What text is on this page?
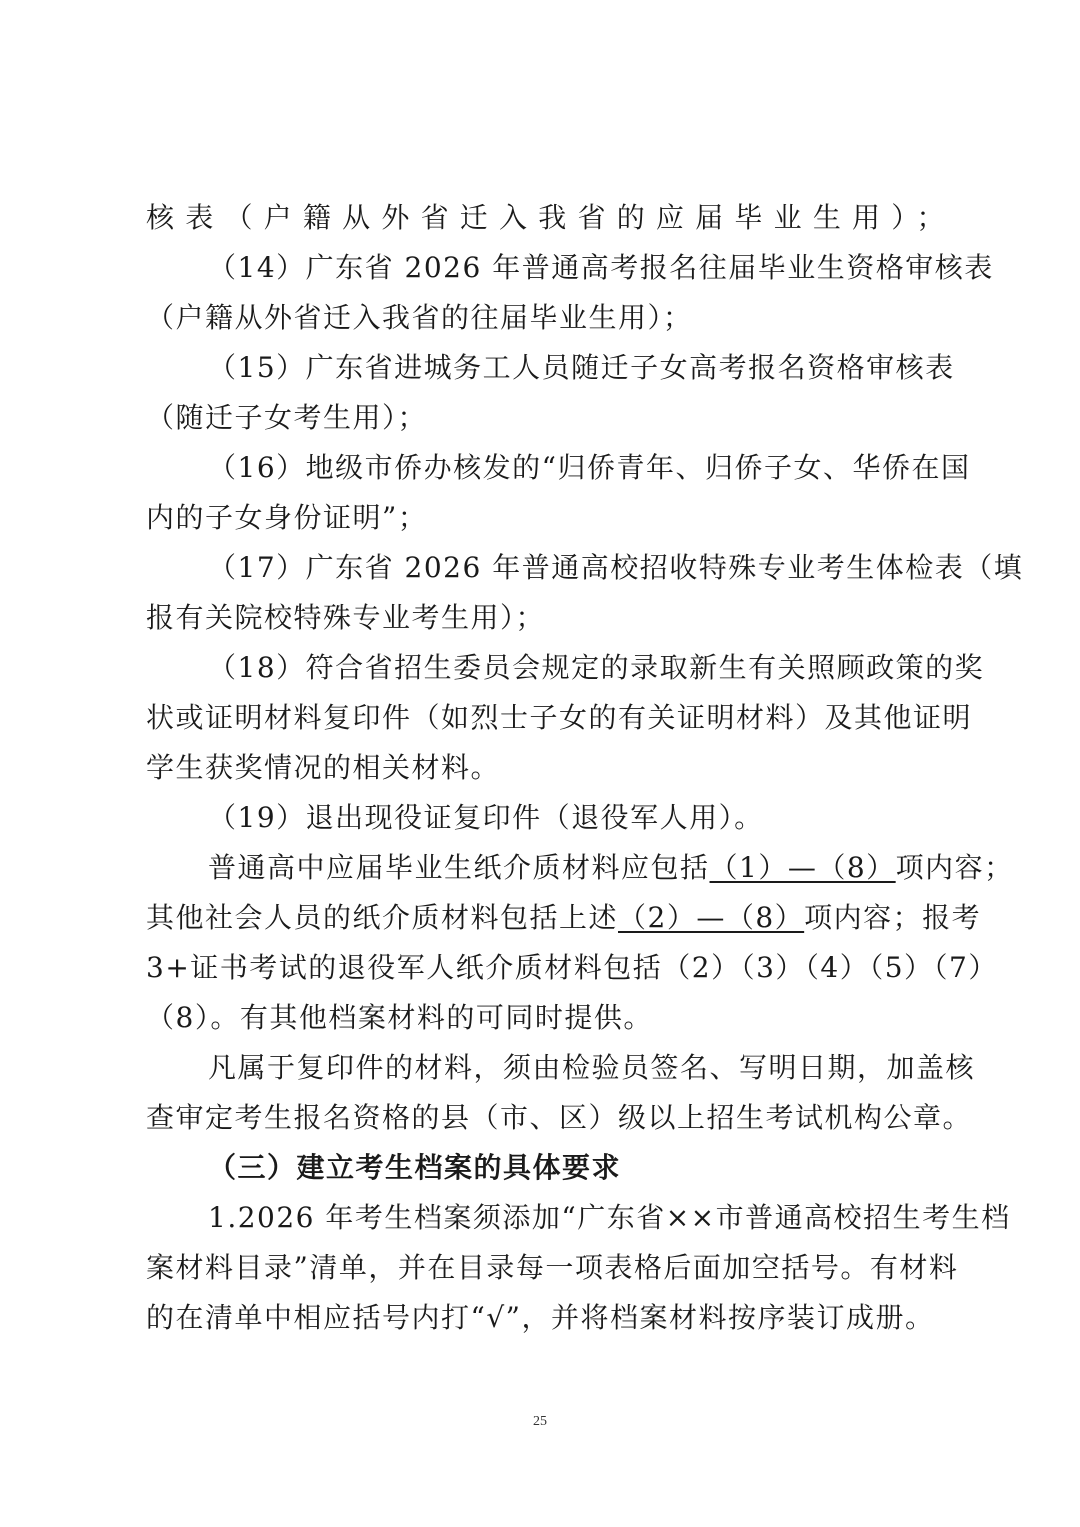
核表（户籍从外省迁入我省的应届毕业生用）；
（14）广东省 2026 年普通高考报名往届毕业生资格审核表
（户籍从外省迁入我省的往届毕业生用）；
（15）广东省进城务工人员随迁子女高考报名资格审核表
（随迁子女考生用）；
（16）地级市侨办核发的“归侨青年、归侨子女、华侨在国
内的子女身份证明”；
（17）广东省 2026 年普通高校招收特殊专业考生体检表（填
报有关院校特殊专业考生用）；
（18）符合省招生委员会规定的录取新生有关照顾政策的奖
状或证明材料复印件（如烈士子女的有关证明材料）及其他证明
学生获奖情况的相关材料。
（19）退出现役证复印件（退役军人用）。
普通高中应届毕业生纸介质材料应包括（1）—（8）项内容；
其他社会人员的纸介质材料包括上述（2）—（8）项内容；报考
3+证书考试的退役军人纸介质材料包括（2）（3）（4）（5）（7）
（8）。有其他档案材料的可同时提供。
凡属于复印件的材料，须由检验员签名、写明日期，加盖核
查审定考生报名资格的县（市、区）级以上招生考试机构公章。
（三）建立考生档案的具体要求
1.2026 年考生档案须添加“广东省××市普通高校招生考生档
案材料目录”清单，并在目录每一项表格后面加空括号。有材料
的在清单中相应括号内打“√”，并将档案材料按序装订成册。
25
